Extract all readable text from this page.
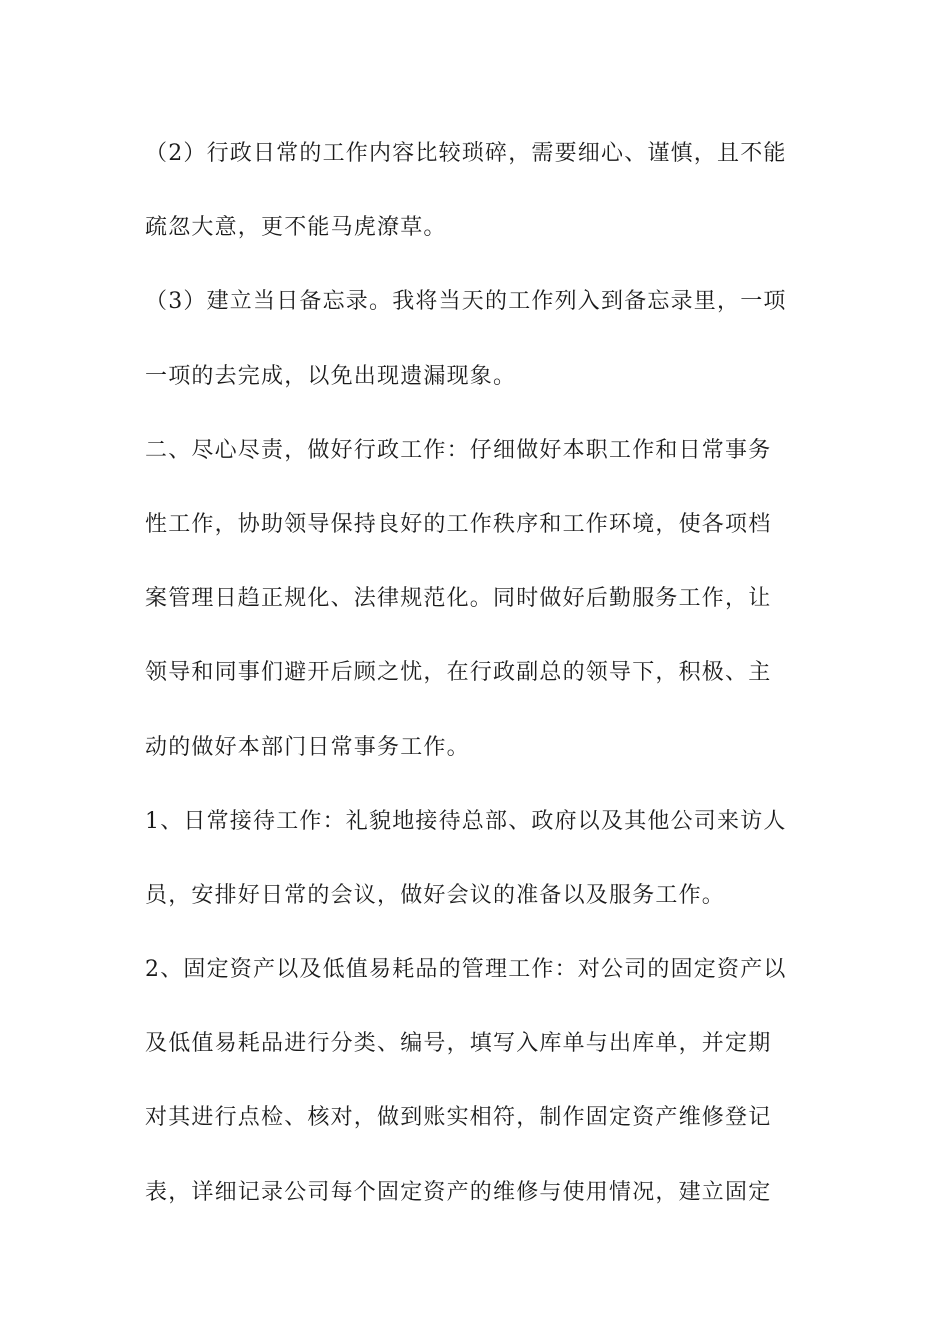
（2）行政日常的工作内容比较琐碎，需要细心、谨慎，且不能
疏忽大意，更不能马虎潦草。
（3）建立当日备忘录。我将当天的工作列入到备忘录里，一项
一项的去完成，以免出现遗漏现象。
二、尽心尽责，做好行政工作：仔细做好本职工作和日常事务
性工作，协助领导保持良好的工作秩序和工作环境，使各项档
案管理日趋正规化、法律规范化。同时做好后勤服务工作，让
领导和同事们避开后顾之忧，在行政副总的领导下，积极、主
动的做好本部门日常事务工作。
1、日常接待工作：礼貌地接待总部、政府以及其他公司来访人
员，安排好日常的会议，做好会议的准备以及服务工作。
2、固定资产以及低值易耗品的管理工作：对公司的固定资产以
及低值易耗品进行分类、编号，填写入库单与出库单，并定期
对其进行点检、核对，做到账实相符，制作固定资产维修登记
表，详细记录公司每个固定资产的维修与使用情况，建立固定
